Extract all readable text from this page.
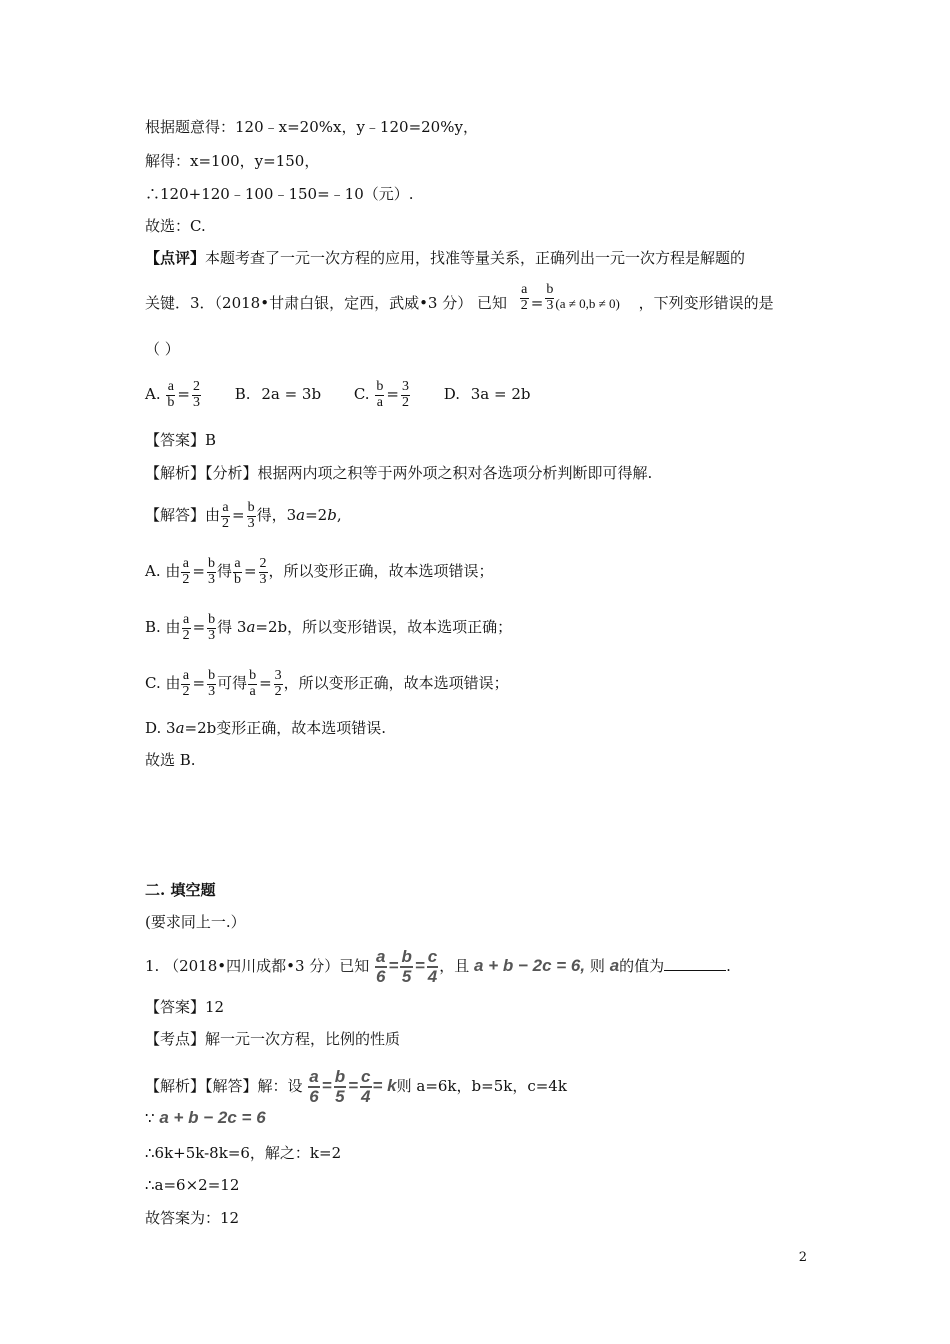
根据题意得：120﹣x=20%x，y﹣120=20%y，
解得：x=100，y=150，
∴120+120﹣100﹣150=﹣10（元）.
故选：C.
【点评】本题考查了一元一次方程的应用，找准等量关系，正确列出一元一次方程是解题的
关键．3．（2018•甘肃白银，定西，武威•3 分） 已知 $\frac{a}{2} = \frac{b}{3} (a \ne 0,b \ne 0)$ ，下列变形错误的是
（ ）
A. $\frac{a}{b} = \frac{2}{3} B$. 2a = 3b C. $\frac{b}{a} = \frac{3}{2} D$. 3a = 2b
【答案】B
【解析】【分析】根据两内项之积等于两外项之积对各选项分析判断即可得解.
【解答】由 $\frac{a}{2} = \frac{b}{3}$ 得，3a=2b,
A. 由 $\frac{a}{2} = \frac{b}{3}$ 得 $\frac{a}{b} = \frac{2}{3}$ ，所以变形正确，故本选项错误；
B. 由 $\frac{a}{2} = \frac{b}{3}$ 得 3a=2b，所以变形错误，故本选项正确；
C. 由 $\frac{a}{2} = \frac{b}{3}$ 可得 $\frac{b}{a} = \frac{3}{2}$ ，所以变形正确，故本选项错误；
D. 3a=2b变形正确，故本选项错误.
故选 B.
二. 填空题
(要求同上一.）
1. （2018•四川成都•3 分）已知 $\frac{a}{6} = \frac{b}{5} = \frac{c}{4}$ ，且 a + b − 2c = 6, 则 a的值为	.
【答案】12
【考点】解一元一次方程，比例的性质
【解析】【解答】解：设 $\frac{a}{6} = \frac{b}{5} = \frac{c}{4} = k$则 a=6k，b=5k，c=4k
∵ a + b − 2c = 6
∴6k+5k-8k=6，解之：k=2
∴a=6×2=12
故答案为：12
2
